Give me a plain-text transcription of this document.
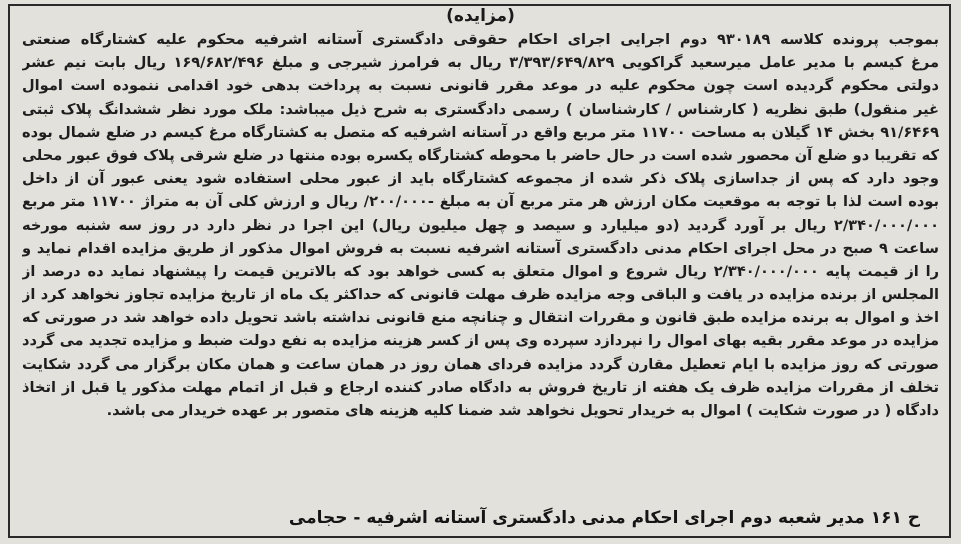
(مزایده)
بموجب پرونده کلاسه ۹۳۰۱۸۹ دوم اجرایی اجرای احکام حقوقی دادگستری آستانه اشرفیه محکوم علیه کشتارگاه صنعتی
مرغ کیسم با مدیر عامل میرسعید گراکویی ۳/۳۹۳/۶۴۹/۸۲۹ ریال به فرامرز شیرجی و مبلغ ۱۶۹/۶۸۲/۴۹۶ ریال بابت نیم عشر
دولتی محکوم گردیده است چون محکوم علیه در موعد مقرر قانونی نسبت به پرداخت بدهی خود اقدامی ننموده است اموال
غیر منقول) طبق نظریه ( کارشناس / کارشناسان ) رسمی دادگستری به شرح ذیل میباشد: ملک مورد نظر ششدانگ پلاک ثبتی
۹۱/۶۴۶۹ بخش ۱۴ گیلان به مساحت ۱۱۷۰۰ متر مربع واقع در آستانه اشرفیه که متصل به کشتارگاه مرغ کیسم در ضلع شمال بوده
که تقریبا دو ضلع آن محصور شده است در حال حاضر با محوطه کشتارگاه یکسره بوده منتها در ضلع شرقی پلاک فوق عبور محلی
وجود دارد که پس از جداسازی پلاک ذکر شده از مجموعه کشتارگاه باید از عبور محلی استفاده شود یعنی عبور آن از داخل
بوده است لذا با توجه به موقعیت مکان ارزش هر متر مربع آن به مبلغ -۲۰۰/۰۰۰/ ریال و ارزش کلی آن به متراژ ۱۱۷۰۰ متر مربع
۲/۳۴۰/۰۰۰/۰۰۰ ریال بر آورد گردید (دو میلیارد و سیصد و چهل میلیون ریال) این اجرا در نظر دارد در روز سه شنبه مورخه
ساعت ۹ صبح در محل اجرای احکام مدنی دادگستری آستانه اشرفیه نسبت به فروش اموال مذکور از طریق مزایده اقدام نماید و
را از قیمت پایه ۲/۳۴۰/۰۰۰/۰۰۰ ریال شروع و اموال متعلق به کسی خواهد بود که بالاترین قیمت را پیشنهاد نماید ده درصد از
المجلس از برنده مزایده در یافت و الباقی وجه مزایده ظرف مهلت قانونی که حداکثر یک ماه از تاریخ مزایده تجاوز نخواهد کرد از
اخذ و اموال به برنده مزایده طبق قانون و مقررات انتقال و چنانچه منع قانونی نداشته باشد تحویل داده خواهد شد در صورتی که
مزایده در موعد مقرر بقیه بهای اموال را نپردازد سپرده وی پس از کسر هزینه مزایده به نفع دولت ضبط و مزایده تجدید می گردد
صورتی که روز مزایده با ایام تعطیل مقارن گردد مزایده فردای همان روز در همان ساعت و همان مکان برگزار می گردد شکایت
تخلف از مقررات مزایده ظرف یک هفته از تاریخ فروش به دادگاه صادر کننده ارجاع و قبل از اتمام مهلت مذکور یا قبل از اتخاذ
دادگاه ( در صورت شکایت ) اموال به خریدار تحویل نخواهد شد ضمنا کلیه هزینه های متصور بر عهده خریدار می باشد.
ح ۱۶۱ مدیر شعبه دوم اجرای احکام مدنی دادگستری آستانه اشرفیه - حجامی
